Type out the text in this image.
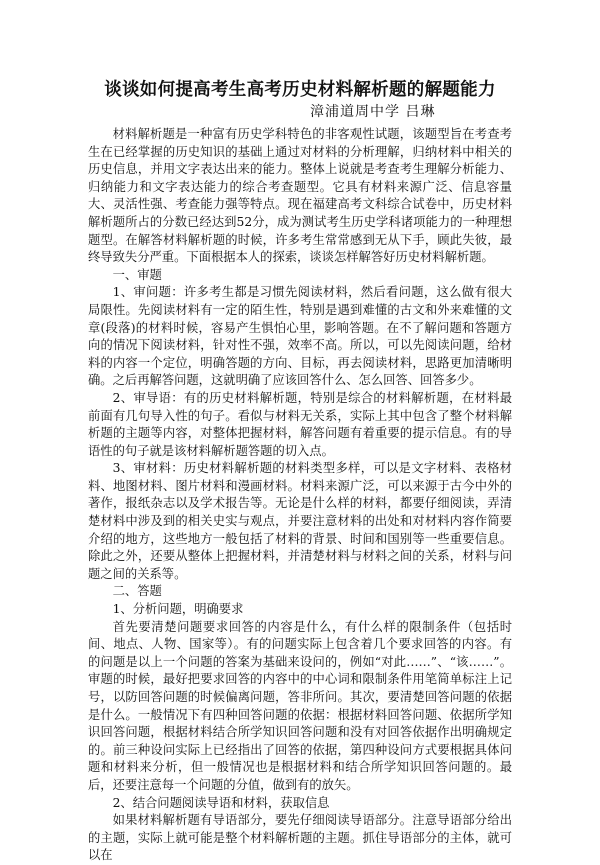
谈谈如何提高考生高考历史材料解析题的解题能力
漳浦道周中学 吕琳

材料解析题是一种富有历史学科特色的非客观性试题，该题型旨在考查考生在已经掌握的历史知识的基础上通过对材料的分析理解，归纳材料中相关的历史信息，并用文字表达出来的能力。整体上说就是考查考生理解分析能力、归纳能力和文字表达能力的综合考查题型。它具有材料来源广泛、信息容量大、灵活性强、考查能力强等特点。现在福建高考文科综合试卷中，历史材料解析题所占的分数已经达到52分，成为测试考生历史学科诸项能力的一种理想题型。在解答材料解析题的时候，许多考生常常感到无从下手，顾此失彼，最终导致失分严重。下面根据本人的探索，谈谈怎样解答好历史材料解析题。

一、审题

1、审问题：许多考生都是习惯先阅读材料，然后看问题，这么做有很大局限性。先阅读材料有一定的陌生性，特别是遇到难懂的古文和外来难懂的文章(段落)的材料时候，容易产生惧怕心里，影响答题。在不了解问题和答题方向的情况下阅读材料，针对性不强，效率不高。所以，可以先阅读问题，给材料的内容一个定位，明确答题的方向、目标，再去阅读材料，思路更加清晰明确。之后再解答问题，这就明确了应该回答什么、怎么回答、回答多少。

2、审导语：有的历史材料解析题，特别是综合的材料解析题，在材料最前面有几句导入性的句子。看似与材料无关系，实际上其中包含了整个材料解析题的主题等内容，对整体把握材料，解答问题有着重要的提示信息。有的导语性的句子就是该材料解析题答题的切入点。

3、审材料：历史材料解析题的材料类型多样，可以是文字材料、表格材料、地图材料、图片材料和漫画材料。材料来源广泛，可以来源于古今中外的著作，报纸杂志以及学术报告等。无论是什么样的材料，都要仔细阅读，弄清楚材料中涉及到的相关史实与观点，并要注意材料的出处和对材料内容作简要介绍的地方，这些地方一般包括了材料的背景、时间和国别等一些重要信息。除此之外，还要从整体上把握材料，并清楚材料与材料之间的关系，材料与问题之间的关系等。

二、答题

1、分析问题，明确要求

首先要清楚问题要求回答的内容是什么，有什么样的限制条件（包括时间、地点、人物、国家等）。有的问题实际上包含着几个要求回答的内容。有的问题是以上一个问题的答案为基础来设问的，例如“对此……”、“该……”。审题的时候，最好把要求回答的内容中的中心词和限制条件用笔简单标注上记号，以防回答问题的时候偏离问题，答非所问。其次，要清楚回答问题的依据是什么。一般情况下有四种回答问题的依据：根据材料回答问题、依据所学知识回答问题，根据材料结合所学知识回答问题和没有对回答依据作出明确规定的。前三种设问实际上已经指出了回答的依据，第四种设问方式要根据具体问题和材料来分析，但一般情况也是根据材料和结合所学知识回答问题的。最后，还要注意每一个问题的分值，做到有的放矢。

2、结合问题阅读导语和材料，获取信息

如果材料解析题有导语部分，要先仔细阅读导语部分。注意导语部分给出的主题，实际上就可能是整个材料解析题的主题。抓住导语部分的主体，就可以在
